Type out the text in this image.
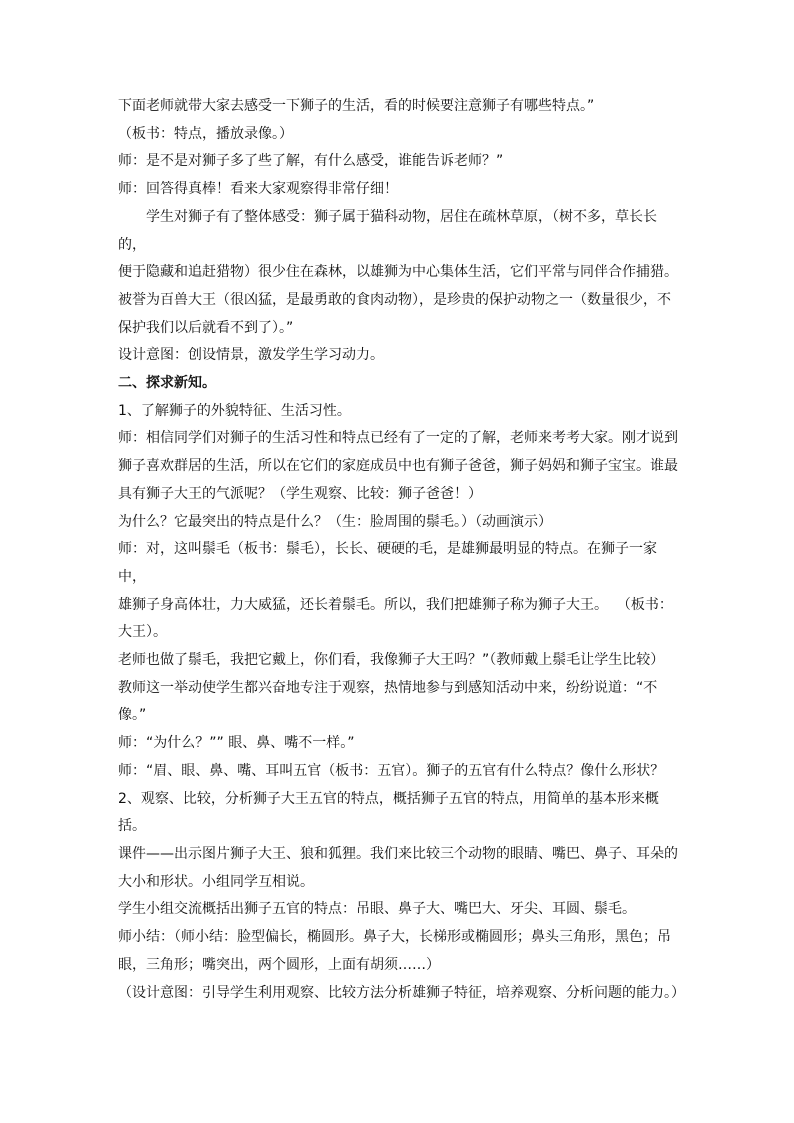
下面老师就带大家去感受一下狮子的生活，看的时候要注意狮子有哪些特点。”

（板书：特点，播放录像。）

师：是不是对狮子多了些了解，有什么感受，谁能告诉老师？”

师：回答得真棒！看来大家观察得非常仔细！

学生对狮子有了整体感受：狮子属于猫科动物，居住在疏林草原，（树不多，草长长的，
便于隐藏和追赶猎物）很少住在森林，以雄狮为中心集体生活，它们平常与同伴合作捕猎。
被誉为百兽大王（很凶猛，是最勇敢的食肉动物），是珍贵的保护动物之一（数量很少，不
保护我们以后就看不到了）。”

设计意图：创设情景，激发学生学习动力。

二、探求新知。

1、了解狮子的外貌特征、生活习性。

师：相信同学们对狮子的生活习性和特点已经有了一定的了解，老师来考考大家。刚才说到
狮子喜欢群居的生活，所以在它们的家庭成员中也有狮子爸爸，狮子妈妈和狮子宝宝。谁最
具有狮子大王的气派呢？（学生观察、比较：狮子爸爸！）

为什么？它最突出的特点是什么？（生：脸周围的鬃毛。）（动画演示）

师：对，这叫鬃毛（板书：鬃毛），长长、硬硬的毛，是雄狮最明显的特点。在狮子一家中，
雄狮子身高体壮，力大威猛，还长着鬃毛。所以，我们把雄狮子称为狮子大王。  （板书：
大王）。

老师也做了鬃毛，我把它戴上，你们看，我像狮子大王吗？”（教师戴上鬃毛让学生比较）

教师这一举动使学生都兴奋地专注于观察，热情地参与到感知活动中来，纷纷说道：“不
像。”

师：“为什么？”” 眼、鼻、嘴不一样。”

师：“眉、眼、鼻、嘴、耳叫五官（板书：五官）。狮子的五官有什么特点？像什么形状？

2、观察、比较，分析狮子大王五官的特点，概括狮子五官的特点，用简单的基本形来概括。

课件——出示图片狮子大王、狼和狐狸。我们来比较三个动物的眼睛、嘴巴、鼻子、耳朵的
大小和形状。小组同学互相说。

学生小组交流概括出狮子五官的特点：吊眼、鼻子大、嘴巴大、牙尖、耳圆、鬃毛。

师小结：（师小结：脸型偏长，椭圆形。鼻子大，长梯形或椭圆形；鼻头三角形，黑色；吊
眼，三角形；嘴突出，两个圆形，上面有胡须……）

（设计意图：引导学生利用观察、比较方法分析雄狮子特征，培养观察、分析问题的能力。）
